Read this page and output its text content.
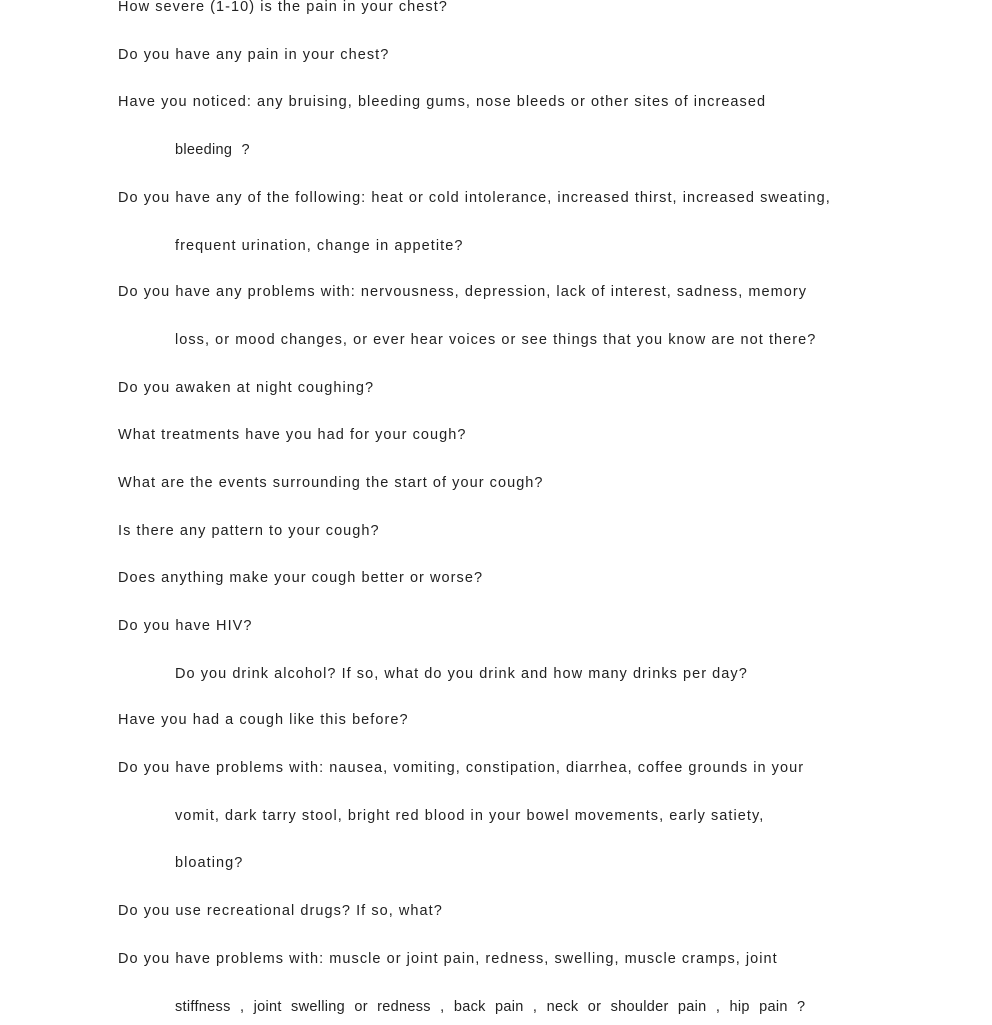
How severe (1-10) is the pain in your chest?
Do you have any pain in your chest?
Have you noticed: any bruising, bleeding gums, nose bleeds or other sites of increased
bleeding ?
Do you have any of the following: heat or cold intolerance, increased thirst, increased sweating,
frequent urination, change in appetite?
Do you have any problems with: nervousness, depression, lack of interest, sadness, memory
loss, or mood changes, or ever hear voices or see things that you know are not there?
Do you awaken at night coughing?
What treatments have you had for your cough?
What are the events surrounding the start of your cough?
Is there any pattern to your cough?
Does anything make your cough better or worse?
Do you have HIV?
Do you drink alcohol? If so, what do you drink and how many drinks per day?
Have you had a cough like this before?
Do you have problems with: nausea, vomiting, constipation, diarrhea, coffee grounds in your
vomit, dark tarry stool, bright red blood in your bowel movements, early satiety,
bloating?
Do you use recreational drugs? If so, what?
Do you have problems with: muscle or joint pain, redness, swelling, muscle cramps, joint
stiffness , joint swelling or redness , back pain , neck or shoulder pain , hip pain ?
